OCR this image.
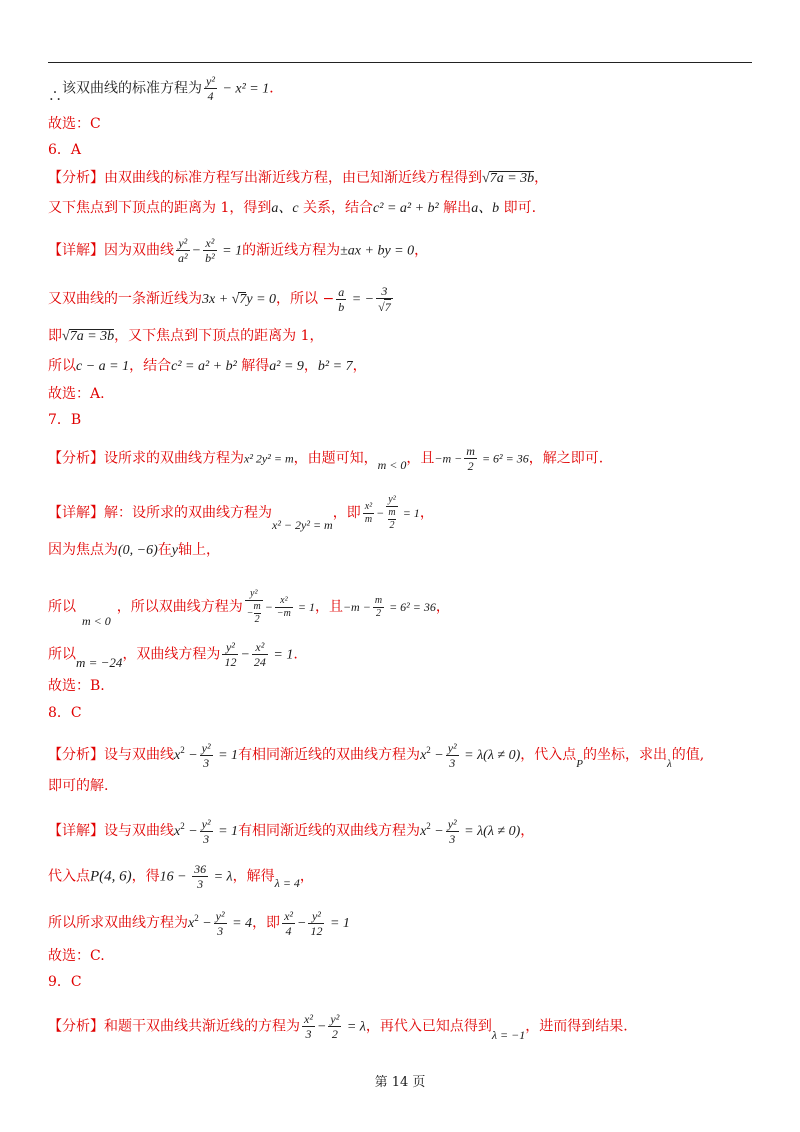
∴该双曲线的标准方程为 $\frac{\text{y²}}{4} - x^2 = 1$．
故选：C
6．A
【分析】由双曲线的标准方程写出渐近线方程，由已知渐近线方程得到√7a = 3b，
又下焦点到下顶点的距离为 1，得到a、c 关系，结合c² = a² + b² 解出a、b 即可.
【详解】因为双曲线 $\frac{\text{y²}}{\text{a²}} - \frac{\text{x²}}{\text{b²}} = 1$的渐近线方程为±ax + by = 0，
又双曲线的一条渐近线为3x + √7y = 0，所以 − $\frac{a}{b}$ = − $\frac{3}{√7}$
即√7a = 3b，又下焦点到下顶点的距离为 1，
所以c − a = 1，结合c² = a² + b² 解得a² = 9，b² = 7，
故选：A.
7．B
【分析】设所求的双曲线方程为x² 2y² = m，由题可知，m < 0，且$-m - \frac{m}{2} = 6^2 = 36$，解之即可.
【详解】解：设所求的双曲线方程为x² − 2y² = m，即 $\frac{\text{x²}}{m} - y^2$
m
2 = 1，
因为焦点为(0, −6)在y轴上，
所以m < 0，所以双曲线方程为 $\frac{\text{y²}}{- \frac{m}{2}} - \frac{\text{x²}}{-m} = 1$，且$-m - \frac{m}{2} = 6^2 = 36$，
所以m = −24，双曲线方程为 $\frac{\text{y²}}{12} - \frac{\text{x²}}{24} = 1$.
故选：B.
8．C
【分析】设与双曲线$x^2 - \frac{\text{y²}}{3} = 1$有相同渐近线的双曲线方程为$x^2 - \frac{\text{y²}}{3} = \lambda(\lambda \ne 0)$，代入点$_P$的坐标，求出$_\lambda$的值,
即可的解.
【详解】设与双曲线$x^2 - \frac{\text{y²}}{3} = 1$有相同渐近线的双曲线方程为$x^2 - \frac{\text{y²}}{3} = \lambda(\lambda \ne 0)$，
代入点P(4, 6)，得$16 - \frac{36}{3} = \lambda$，解得λ = 4，
所以所求双曲线方程为$x^2 - \frac{\text{y²}}{3} = 4$，即 $\frac{\text{x²}}{4} - \frac{\text{y²}}{12} = 1$
故选：C.
9．C
【分析】和题干双曲线共渐近线的方程为 $\frac{\text{x²}}{3} - \frac{\text{y²}}{2} = \lambda$，再代入已知点得到λ = −1，进而得到结果.
第 14 页
